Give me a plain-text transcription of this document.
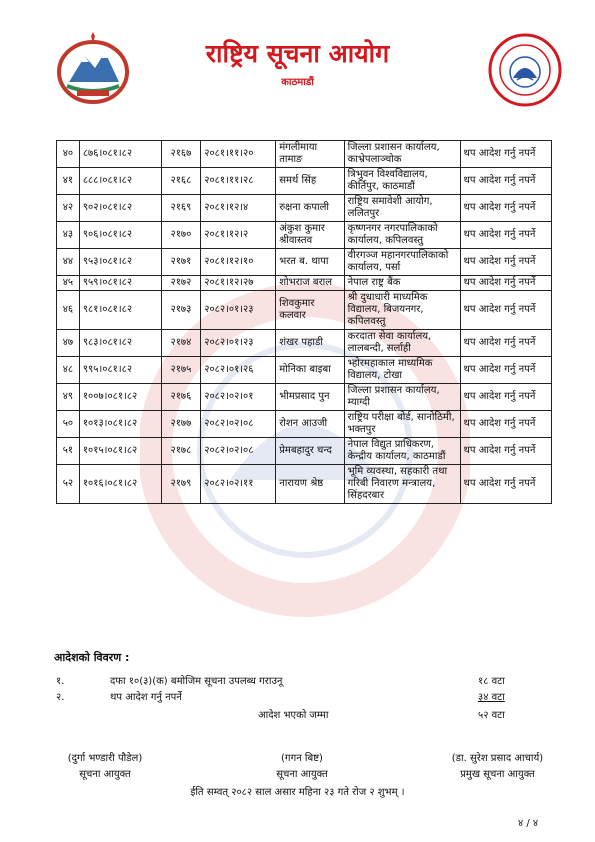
राष्ट्रिय सूचना आयोग
काठमाडौं
४०	८७६।०८१।८२	२१६७	२०८१।११।२०	मंगलीमाया तामाङ	जिल्ला प्रशासन कार्यालय, काभ्रेपलाञ्चोक	थप आदेश गर्नु नपर्ने
४१	८८८।०८१।८२	२१६८	२०८१।११।२८	समर्थ सिंह	त्रिभुवन विश्वविद्यालय, कीर्तिपुर, काठमाडौं	थप आदेश गर्नु नपर्ने
४२	९०२।०८१।८२	२१६९	२०८१।१२।४	रुक्षना कपाली	राष्ट्रिय समावेशी आयोग, ललितपुर	थप आदेश गर्नु नपर्ने
४३	९०६।०८१।८२	२१७०	२०८१।१२।२	अंकुश कुमार श्रीवास्तव	कृष्णनगर नगरपालिकाको कार्यालय, कपिलवस्तु	थप आदेश गर्नु नपर्ने
४४	९५३।०८१।८२	२१७१	२०८१।१२।१०	भरत ब. थापा	वीरगञ्ज महानगरपालिकाको कार्यालय, पर्सा	थप आदेश गर्नु नपर्ने
४५	९५९।०८१।८२	२१७२	२०८१।१२।२७	शोभराज बराल	नेपाल राष्ट्र बैंक	थप आदेश गर्नु नपर्ने
४६	९८१।०८१।८२	२१७३	२०८२।०१।२३	शिवकुमार कलवार	श्री दुधाधारी माध्यमिक विद्यालय, बिजयनगर, कपिलवस्तु	थप आदेश गर्नु नपर्ने
४७	९८३।०८१।८२	२१७४	२०८२।०१।२३	शंखर पहाडी	करदाता सेवा कार्यालय, लालबन्दी, सर्लाही	थप आदेश गर्नु नपर्ने
४८	९९५।०८१।८२	२१७५	२०८२।०१।२६	मोनिका बाइबा	भ्होरमहाकाल माध्यमिक विद्यालय, टोखा	थप आदेश गर्नु नपर्ने
४९	१००७।०८१।८२	२१७६	२०८२।०२।०१	भीमप्रसाद पुन	जिल्ला प्रशासन कार्यालय, म्याग्दी	थप आदेश गर्नु नपर्ने
५०	१०१३।०८१।८२	२१७७	२०८२।०२।०८	रोशन आउजी	राष्ट्रिय परीक्षा बोर्ड, सानोठिमी, भक्तपुर	थप आदेश गर्नु नपर्ने
५१	१०१५।०८१।८२	२१७८	२०८२।०२।०८	प्रेमबहादुर चन्द	नेपाल विद्युत प्राधिकरण, केन्द्रीय कार्यालय, काठमाडौं	थप आदेश गर्नु नपर्ने
५२	१०१६।०८१।८२	२१७९	२०८२।०२।११	नारायण श्रेष्ठ	भूमि व्यवस्था, सहकारी तथा गरिबी निवारण मन्त्रालय, सिंहदरबार	थप आदेश गर्नु नपर्ने
आदेशको विवरण :
१.	दफा १०(३)(क) बमोजिम सूचना उपलब्ध गराउनू	१८ वटा
२.	थप आदेश गर्नु नपर्ने	३४ वटा
आदेश भएको जम्मा	५२ वटा
(दुर्गा भण्डारी पौडेल)
सूचना आयुक्त
(गगन बिष्ट)
सूचना आयुक्त
(डा. सुरेश प्रसाद आचार्य)
प्रमुख सूचना आयुक्त
ईति सम्वत् २०८२ साल असार महिना २३ गते रोज २ शुभम् ।
४ / ४
